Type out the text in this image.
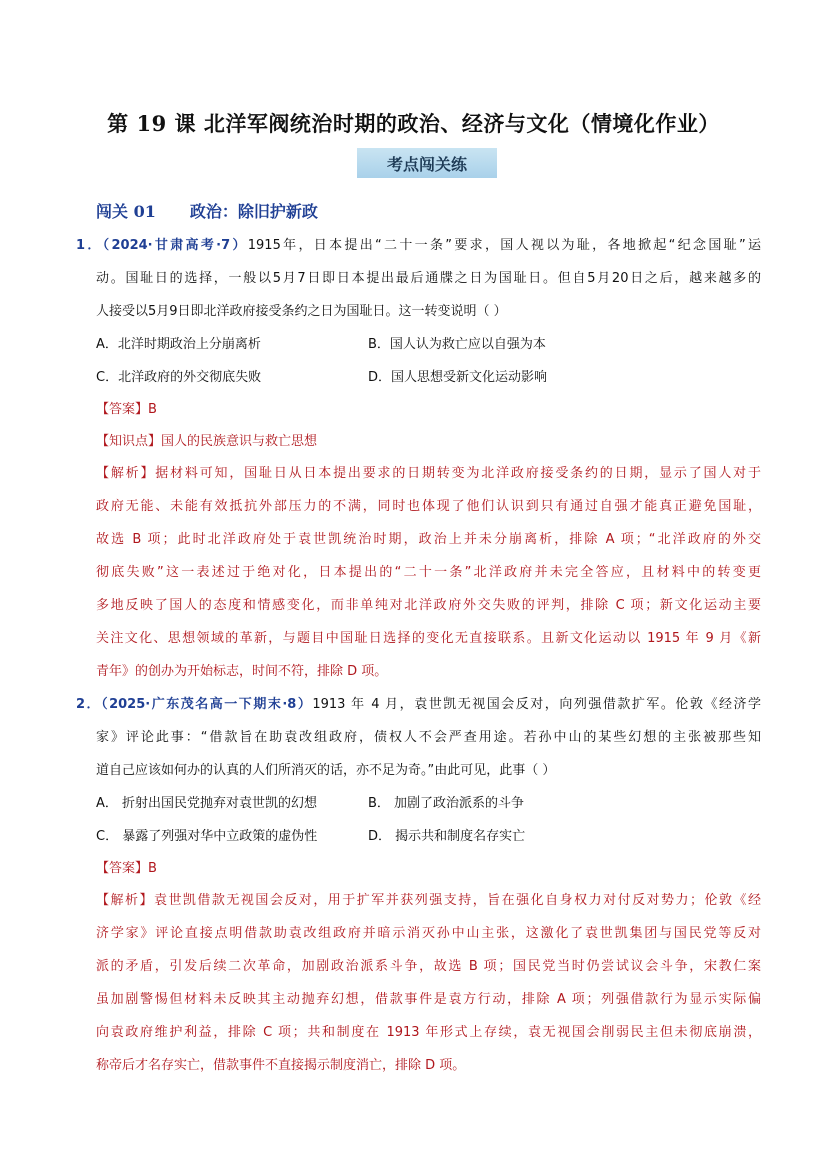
第 19 课 北洋军阀统治时期的政治、经济与文化（情境化作业）
考点闯关练
闯关 01 政治：除旧护新政
1．（2024·甘肃高考·7）1915年，日本提出“二十一条”要求，国人视以为耻，各地掀起“纪念国耻”运
动。国耻日的选择，一般以5月7日即日本提出最后通牒之日为国耻日。但自5月20日之后，越来越多的
人接受以5月9日即北洋政府接受条约之日为国耻日。这一转变说明（ ）
A．北洋时期政治上分崩离析	B．国人认为救亡应以自强为本
C．北洋政府的外交彻底失败	D．国人思想受新文化运动影响
【答案】B
【知识点】国人的民族意识与救亡思想
【解析】据材料可知，国耻日从日本提出要求的日期转变为北洋政府接受条约的日期，显示了国人对于
政府无能、未能有效抵抗外部压力的不满，同时也体现了他们认识到只有通过自强才能真正避免国耻，
故选 B 项；此时北洋政府处于袁世凯统治时期，政治上并未分崩离析，排除 A 项；“北洋政府的外交
彻底失败”这一表述过于绝对化，日本提出的“二十一条”北洋政府并未完全答应，且材料中的转变更
多地反映了国人的态度和情感变化，而非单纯对北洋政府外交失败的评判，排除 C 项；新文化运动主要
关注文化、思想领域的革新，与题目中国耻日选择的变化无直接联系。且新文化运动以 1915 年 9 月《新
青年》的创办为开始标志，时间不符，排除 D 项。
2．（2025·广东茂名高一下期末·8）1913 年 4 月，袁世凯无视国会反对，向列强借款扩军。伦敦《经济学
家》评论此事：“借款旨在助袁改组政府，债权人不会严查用途。若孙中山的某些幻想的主张被那些知
道自己应该如何办的认真的人们所消灭的话，亦不足为奇。”由此可见，此事（ ）
A． 折射出国民党抛弃对袁世凯的幻想	B． 加剧了政治派系的斗争
C． 暴露了列强对华中立政策的虚伪性	D． 揭示共和制度名存实亡
【答案】B
【解析】袁世凯借款无视国会反对，用于扩军并获列强支持，旨在强化自身权力对付反对势力；伦敦《经
济学家》评论直接点明借款助袁改组政府并暗示消灭孙中山主张，这激化了袁世凯集团与国民党等反对
派的矛盾，引发后续二次革命，加剧政治派系斗争，故选 B 项；国民党当时仍尝试议会斗争，宋教仁案
虽加剧警惕但材料未反映其主动抛弃幻想，借款事件是袁方行动，排除 A 项；列强借款行为显示实际偏
向袁政府维护利益，排除 C 项；共和制度在 1913 年形式上存续，袁无视国会削弱民主但未彻底崩溃，
称帝后才名存实亡，借款事件不直接揭示制度消亡，排除 D 项。
